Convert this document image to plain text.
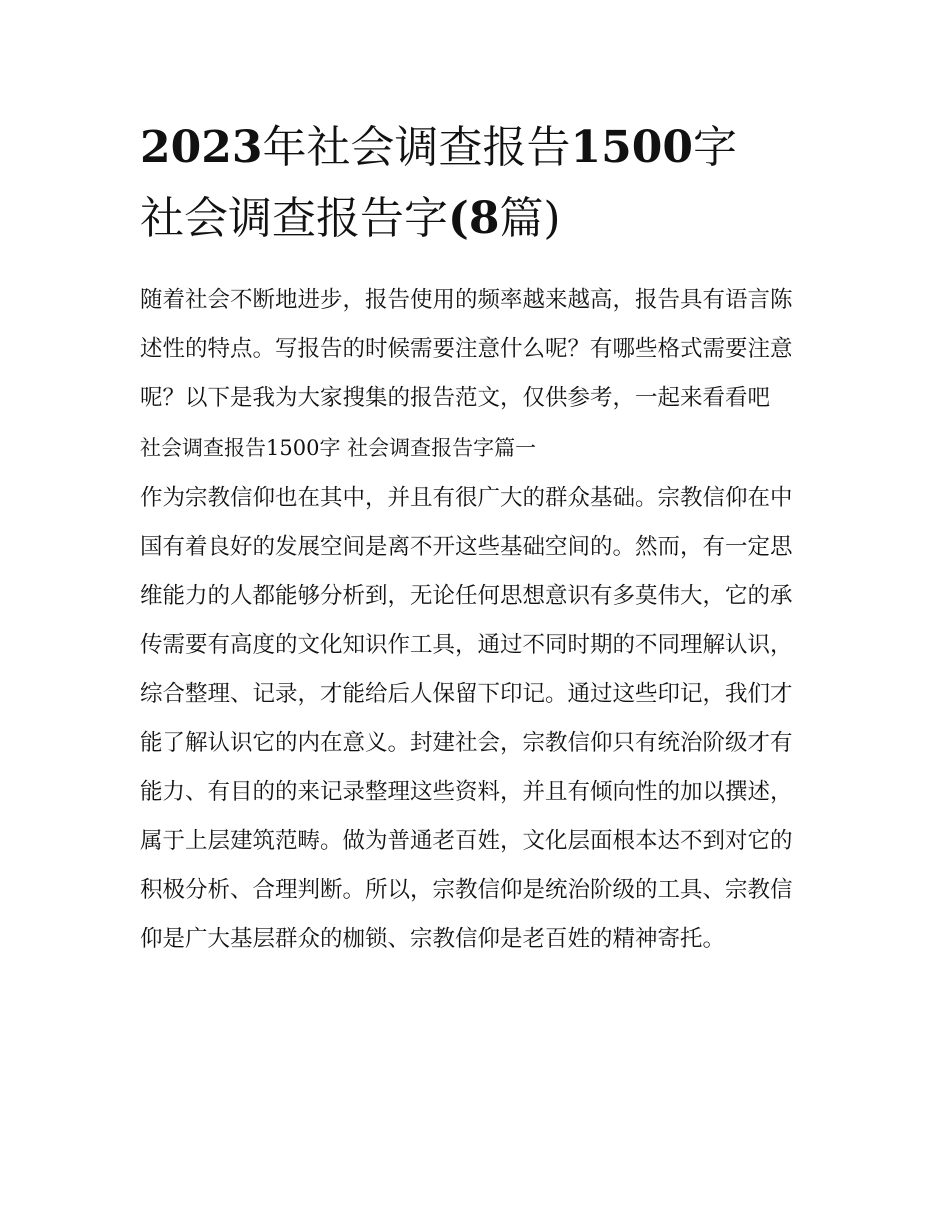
2023年社会调查报告1500字
社会调查报告字(8篇)

随着社会不断地进步，报告使用的频率越来越高，报告具有语言陈述性的特点。写报告的时候需要注意什么呢？有哪些格式需要注意呢？以下是我为大家搜集的报告范文，仅供参考，一起来看看吧

社会调查报告1500字 社会调查报告字篇一

作为宗教信仰也在其中，并且有很广大的群众基础。宗教信仰在中国有着良好的发展空间是离不开这些基础空间的。然而，有一定思维能力的人都能够分析到，无论任何思想意识有多莫伟大，它的承传需要有高度的文化知识作工具，通过不同时期的不同理解认识，综合整理、记录，才能给后人保留下印记。通过这些印记，我们才能了解认识它的内在意义。封建社会，宗教信仰只有统治阶级才有能力、有目的的来记录整理这些资料，并且有倾向性的加以撰述，属于上层建筑范畴。做为普通老百姓，文化层面根本达不到对它的积极分析、合理判断。所以，宗教信仰是统治阶级的工具、宗教信仰是广大基层群众的枷锁、宗教信仰是老百姓的精神寄托。
